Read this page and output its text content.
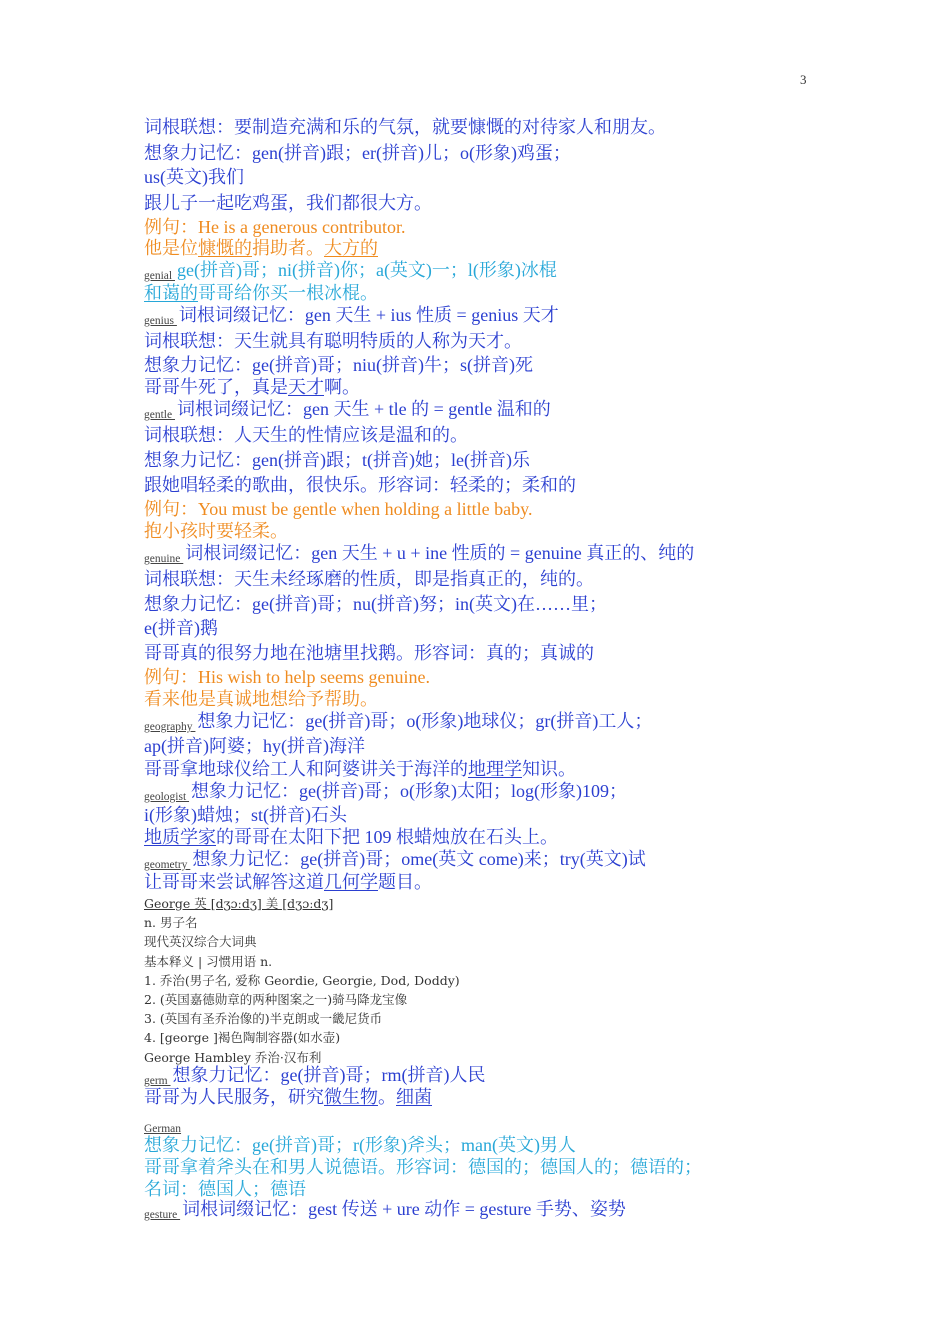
3
词根联想：要制造充满和乐的气氛，就要慷慨的对待家人和朋友。
想象力记忆：gen(拼音)跟；er(拼音)儿；o(形象)鸡蛋；
us(英文)我们
跟儿子一起吃鸡蛋，我们都很大方。
例句：He is a generous contributor.
他是位慷慨的捐助者。大方的
genial ge(拼音)哥；ni(拼音)你；a(英文)一；l(形象)冰棍
和蔼的哥哥给你买一根冰棍。
genius 词根词缀记忆：gen 天生 + ius 性质 = genius 天才
词根联想：天生就具有聪明特质的人称为天才。
想象力记忆：ge(拼音)哥；niu(拼音)牛；s(拼音)死
哥哥牛死了，真是天才啊。
gentle 词根词缀记忆：gen 天生 + tle 的 = gentle 温和的
词根联想：人天生的性情应该是温和的。
想象力记忆：gen(拼音)跟；t(拼音)她；le(拼音)乐
跟她唱轻柔的歌曲，很快乐。形容词：轻柔的；柔和的
例句：You must be gentle when holding a little baby.
抱小孩时要轻柔。
genuine 词根词缀记忆：gen 天生 + u + ine 性质的 = genuine 真正的、纯的
词根联想：天生未经琢磨的性质，即是指真正的，纯的。
想象力记忆：ge(拼音)哥；nu(拼音)努；in(英文)在……里；
e(拼音)鹅
哥哥真的很努力地在池塘里找鹅。形容词：真的；真诚的
例句：His wish to help seems genuine.
看来他是真诚地想给予帮助。
geography 想象力记忆：ge(拼音)哥；o(形象)地球仪；gr(拼音)工人；
ap(拼音)阿婆；hy(拼音)海洋
哥哥拿地球仪给工人和阿婆讲关于海洋的地理学知识。
geologist 想象力记忆：ge(拼音)哥；o(形象)太阳；log(形象)109；
i(形象)蜡烛；st(拼音)石头
地质学家的哥哥在太阳下把 109 根蜡烛放在石头上。
geometry 想象力记忆：ge(拼音)哥；ome(英文 come)来；try(英文)试
让哥哥来尝试解答这道几何学题目。
George 英 [dʒɔːdʒ] 美 [dʒɔːdʒ]
n. 男子名
现代英汉综合大词典
基本释义 | 习惯用语 n.
1. 乔治(男子名, 爱称 Geordie, Georgie, Dod, Doddy)
2. (英国嘉德勋章的两种图案之一)骑马降龙宝像
3. (英国有圣乔治像的)半克朗或一畿尼货币
4. [george ]褐色陶制容器(如水壶)
George Hambley 乔治·汉布利
germ 想象力记忆：ge(拼音)哥；rm(拼音)人民
哥哥为人民服务，研究微生物。细菌
German
想象力记忆：ge(拼音)哥；r(形象)斧头；man(英文)男人
哥哥拿着斧头在和男人说德语。形容词：德国的；德国人的；德语的；
名词：德国人；德语
gesture 词根词缀记忆：gest 传送 + ure 动作 = gesture 手势、姿势
